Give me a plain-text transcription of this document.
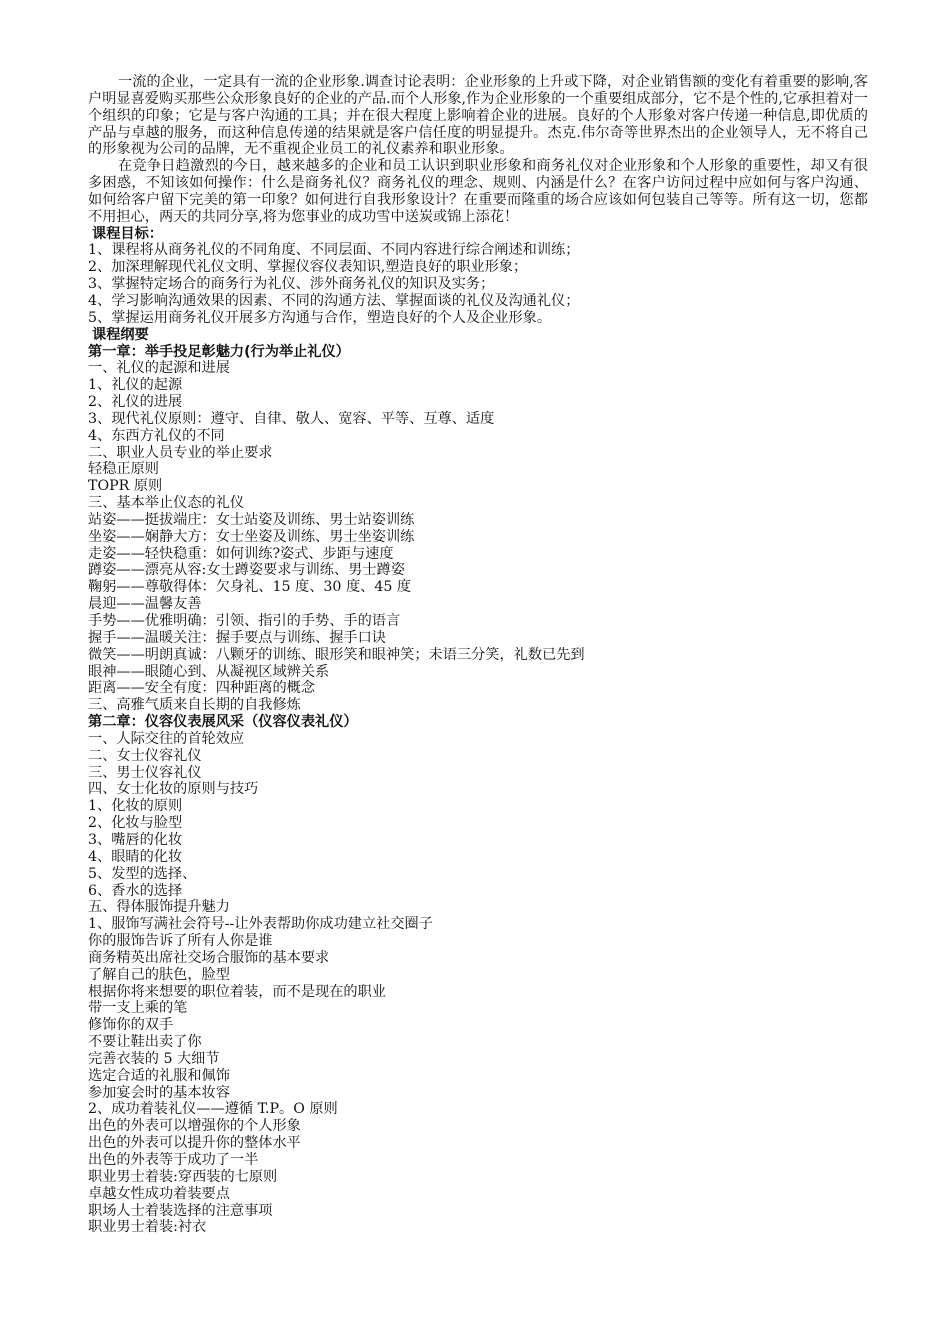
一流的企业，一定具有一流的企业形象.调查讨论表明：企业形象的上升或下降，对企业销售额的变化有着重要的影响,客户明显喜爱购买那些公众形象良好的企业的产品.而个人形象,作为企业形象的一个重要组成部分，它不是个性的,它承担着对一个组织的印象；它是与客户沟通的工具；并在很大程度上影响着企业的进展。良好的个人形象对客户传递一种信息,即优质的产品与卓越的服务，而这种信息传递的结果就是客户信任度的明显提升。杰克.伟尔奇等世界杰出的企业领导人，无不将自己的形象视为公司的品牌，无不重视企业员工的礼仪素养和职业形象。

在竞争日趋激烈的今日，越来越多的企业和员工认识到职业形象和商务礼仪对企业形象和个人形象的重要性，却又有很多困惑，不知该如何操作：什么是商务礼仪？商务礼仪的理念、规则、内涵是什么？在客户访问过程中应如何与客户沟通、如何给客户留下完美的第一印象？如何进行自我形象设计？在重要而隆重的场合应该如何包装自己等等。所有这一切，您都不用担心，两天的共同分享,将为您事业的成功雪中送炭或锦上添花！

课程目标：

1、课程将从商务礼仪的不同角度、不同层面、不同内容进行综合阐述和训练；

2、加深理解现代礼仪文明、掌握仪容仪表知识,塑造良好的职业形象；

3、掌握特定场合的商务行为礼仪、涉外商务礼仪的知识及实务；

4、学习影响沟通效果的因素、不同的沟通方法、掌握面谈的礼仪及沟通礼仪；

5、掌握运用商务礼仪开展多方沟通与合作，塑造良好的个人及企业形象。

课程纲要

第一章：举手投足彰魅力(行为举止礼仪）

一、礼仪的起源和进展

1、礼仪的起源

2、礼仪的进展

3、现代礼仪原则：遵守、自律、敬人、宽容、平等、互尊、适度

4、东西方礼仪的不同

二、职业人员专业的举止要求

轻稳正原则

TOPR 原则

三、基本举止仪态的礼仪

站姿——挺拔端庄：女士站姿及训练、男士站姿训练

坐姿——娴静大方：女士坐姿及训练、男士坐姿训练

走姿——轻快稳重：如何训练?姿式、步距与速度

蹲姿——漂亮从容:女士蹲姿要求与训练、男士蹲姿

鞠躬——尊敬得体：欠身礼、15 度、30 度、45 度

晨迎——温馨友善

手势——优雅明确：引领、指引的手势、手的语言

握手——温暖关注：握手要点与训练、握手口诀

微笑——明朗真诚：八颗牙的训练、眼形笑和眼神笑；未语三分笑，礼数已先到

眼神——眼随心到、从凝视区域辨关系

距离——安全有度：四种距离的概念

三、高雅气质来自长期的自我修炼

第二章：仪容仪表展风采（仪容仪表礼仪）

一、人际交往的首轮效应

二、女士仪容礼仪

三、男士仪容礼仪

四、女士化妆的原则与技巧

1、化妆的原则

2、化妆与脸型

3、嘴唇的化妆

4、眼睛的化妆

5、发型的选择、

6、香水的选择

五、得体服饰提升魅力

1、服饰写满社会符号--让外表帮助你成功建立社交圈子

你的服饰告诉了所有人你是谁

商务精英出席社交场合服饰的基本要求

了解自己的肤色，脸型

根据你将来想要的职位着装，而不是现在的职业

带一支上乘的笔

修饰你的双手

不要让鞋出卖了你

完善衣装的 5 大细节

选定合适的礼服和佩饰

参加宴会时的基本妆容

2、成功着装礼仪——遵循 T.P。O 原则

出色的外表可以增强你的个人形象

出色的外表可以提升你的整体水平

出色的外表等于成功了一半

职业男士着装:穿西装的七原则

卓越女性成功着装要点

职场人士着装选择的注意事项

职业男士着装:衬衣
